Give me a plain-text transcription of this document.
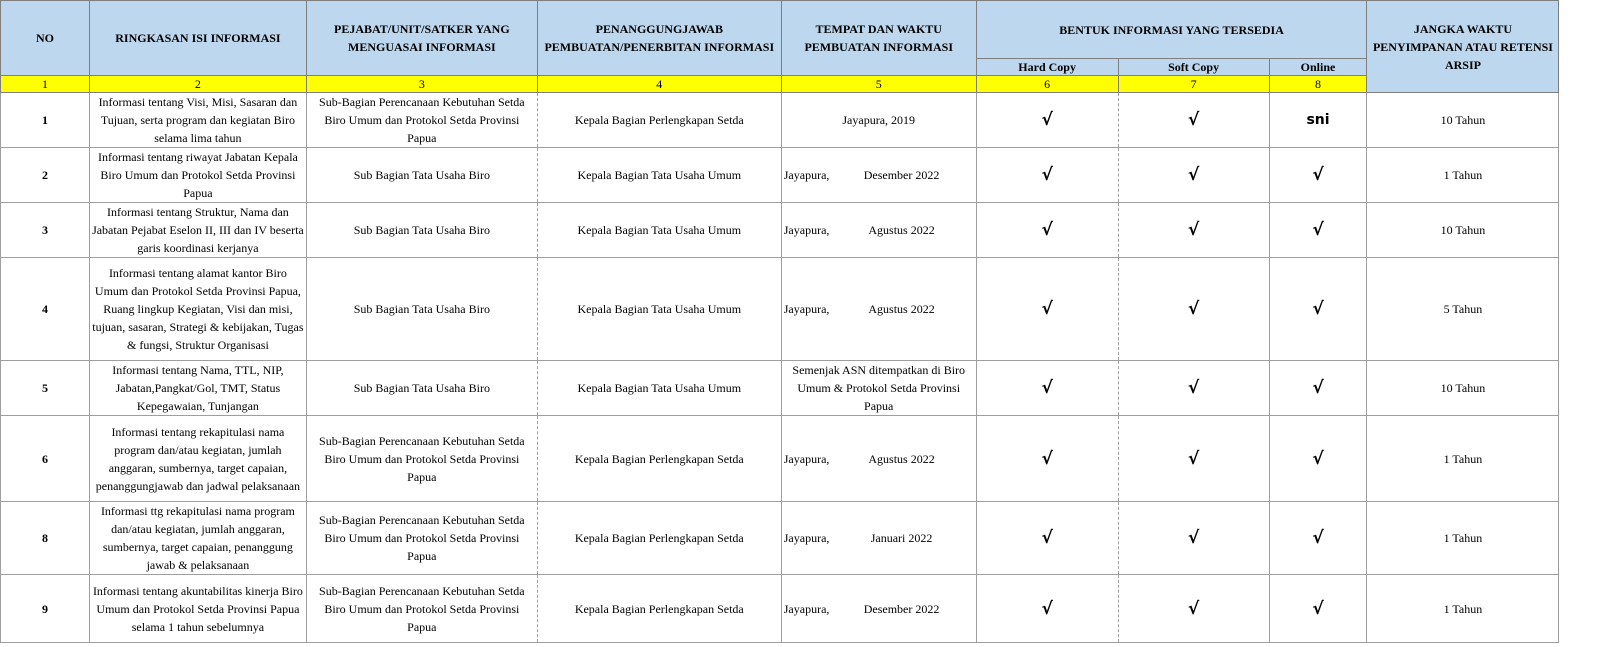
NO	RINGKASAN ISI INFORMASI	PEJABAT/UNIT/SATKER YANG MENGUASAI INFORMASI	PENANGGUNGJAWAB PEMBUATAN/PENERBITAN INFORMASI	TEMPAT DAN WAKTU PEMBUATAN INFORMASI	BENTUK INFORMASI YANG TERSEDIA			JANGKA WAKTU PENYIMPANAN ATAU RETENSI ARSIP	
					Hard Copy	Soft Copy	Online		
1	2	3	4	5	6	7	8		
1	Informasi tentang Visi, Misi, Sasaran dan Tujuan, serta program dan kegiatan Biro selama lima tahun	Sub-Bagian Perencanaan Kebutuhan Setda Biro Umum dan Protokol Setda Provinsi Papua	Kepala Bagian Perlengkapan Setda	Jayapura, 2019	√	√	sni	10 Tahun	
2	Informasi tentang riwayat Jabatan Kepala Biro Umum dan Protokol Setda Provinsi Papua	Sub Bagian Tata Usaha Biro	Kepala Bagian Tata Usaha Umum	Jayapura, Desember 2022	√	√	√	1 Tahun	
3	Informasi tentang Struktur, Nama dan Jabatan Pejabat Eselon II, III dan IV beserta garis koordinasi kerjanya	Sub Bagian Tata Usaha Biro	Kepala Bagian Tata Usaha Umum	Jayapura, Agustus 2022	√	√	√	10 Tahun	
4	Informasi tentang alamat kantor Biro Umum dan Protokol Setda Provinsi Papua, Ruang lingkup Kegiatan, Visi dan misi, tujuan, sasaran, Strategi & kebijakan, Tugas & fungsi, Struktur Organisasi	Sub Bagian Tata Usaha Biro	Kepala Bagian Tata Usaha Umum	Jayapura, Agustus 2022	√	√	√	5 Tahun	
5	Informasi tentang Nama, TTL, NIP, Jabatan,Pangkat/Gol, TMT, Status Kepegawaian, Tunjangan	Sub Bagian Tata Usaha Biro	Kepala Bagian Tata Usaha Umum	Semenjak ASN ditempatkan di Biro Umum & Protokol Setda Provinsi Papua	√	√	√	10 Tahun	
6	Informasi tentang rekapitulasi nama program dan/atau kegiatan, jumlah anggaran, sumbernya, target capaian, penanggungjawab dan jadwal pelaksanaan	Sub-Bagian Perencanaan Kebutuhan Setda Biro Umum dan Protokol Setda Provinsi Papua	Kepala Bagian Perlengkapan Setda	Jayapura, Agustus 2022	√	√	√	1 Tahun	
8	Informasi ttg rekapitulasi nama program dan/atau kegiatan, jumlah anggaran, sumbernya, target capaian, penanggung jawab & pelaksanaan	Sub-Bagian Perencanaan Kebutuhan Setda Biro Umum dan Protokol Setda Provinsi Papua	Kepala Bagian Perlengkapan Setda	Jayapura, Januari 2022	√	√	√	1 Tahun	
9	Informasi tentang akuntabilitas kinerja Biro Umum dan Protokol Setda Provinsi Papua selama 1 tahun sebelumnya	Sub-Bagian Perencanaan Kebutuhan Setda Biro Umum dan Protokol Setda Provinsi Papua	Kepala Bagian Perlengkapan Setda	Jayapura, Desember 2022	√	√	√	1 Tahun	
